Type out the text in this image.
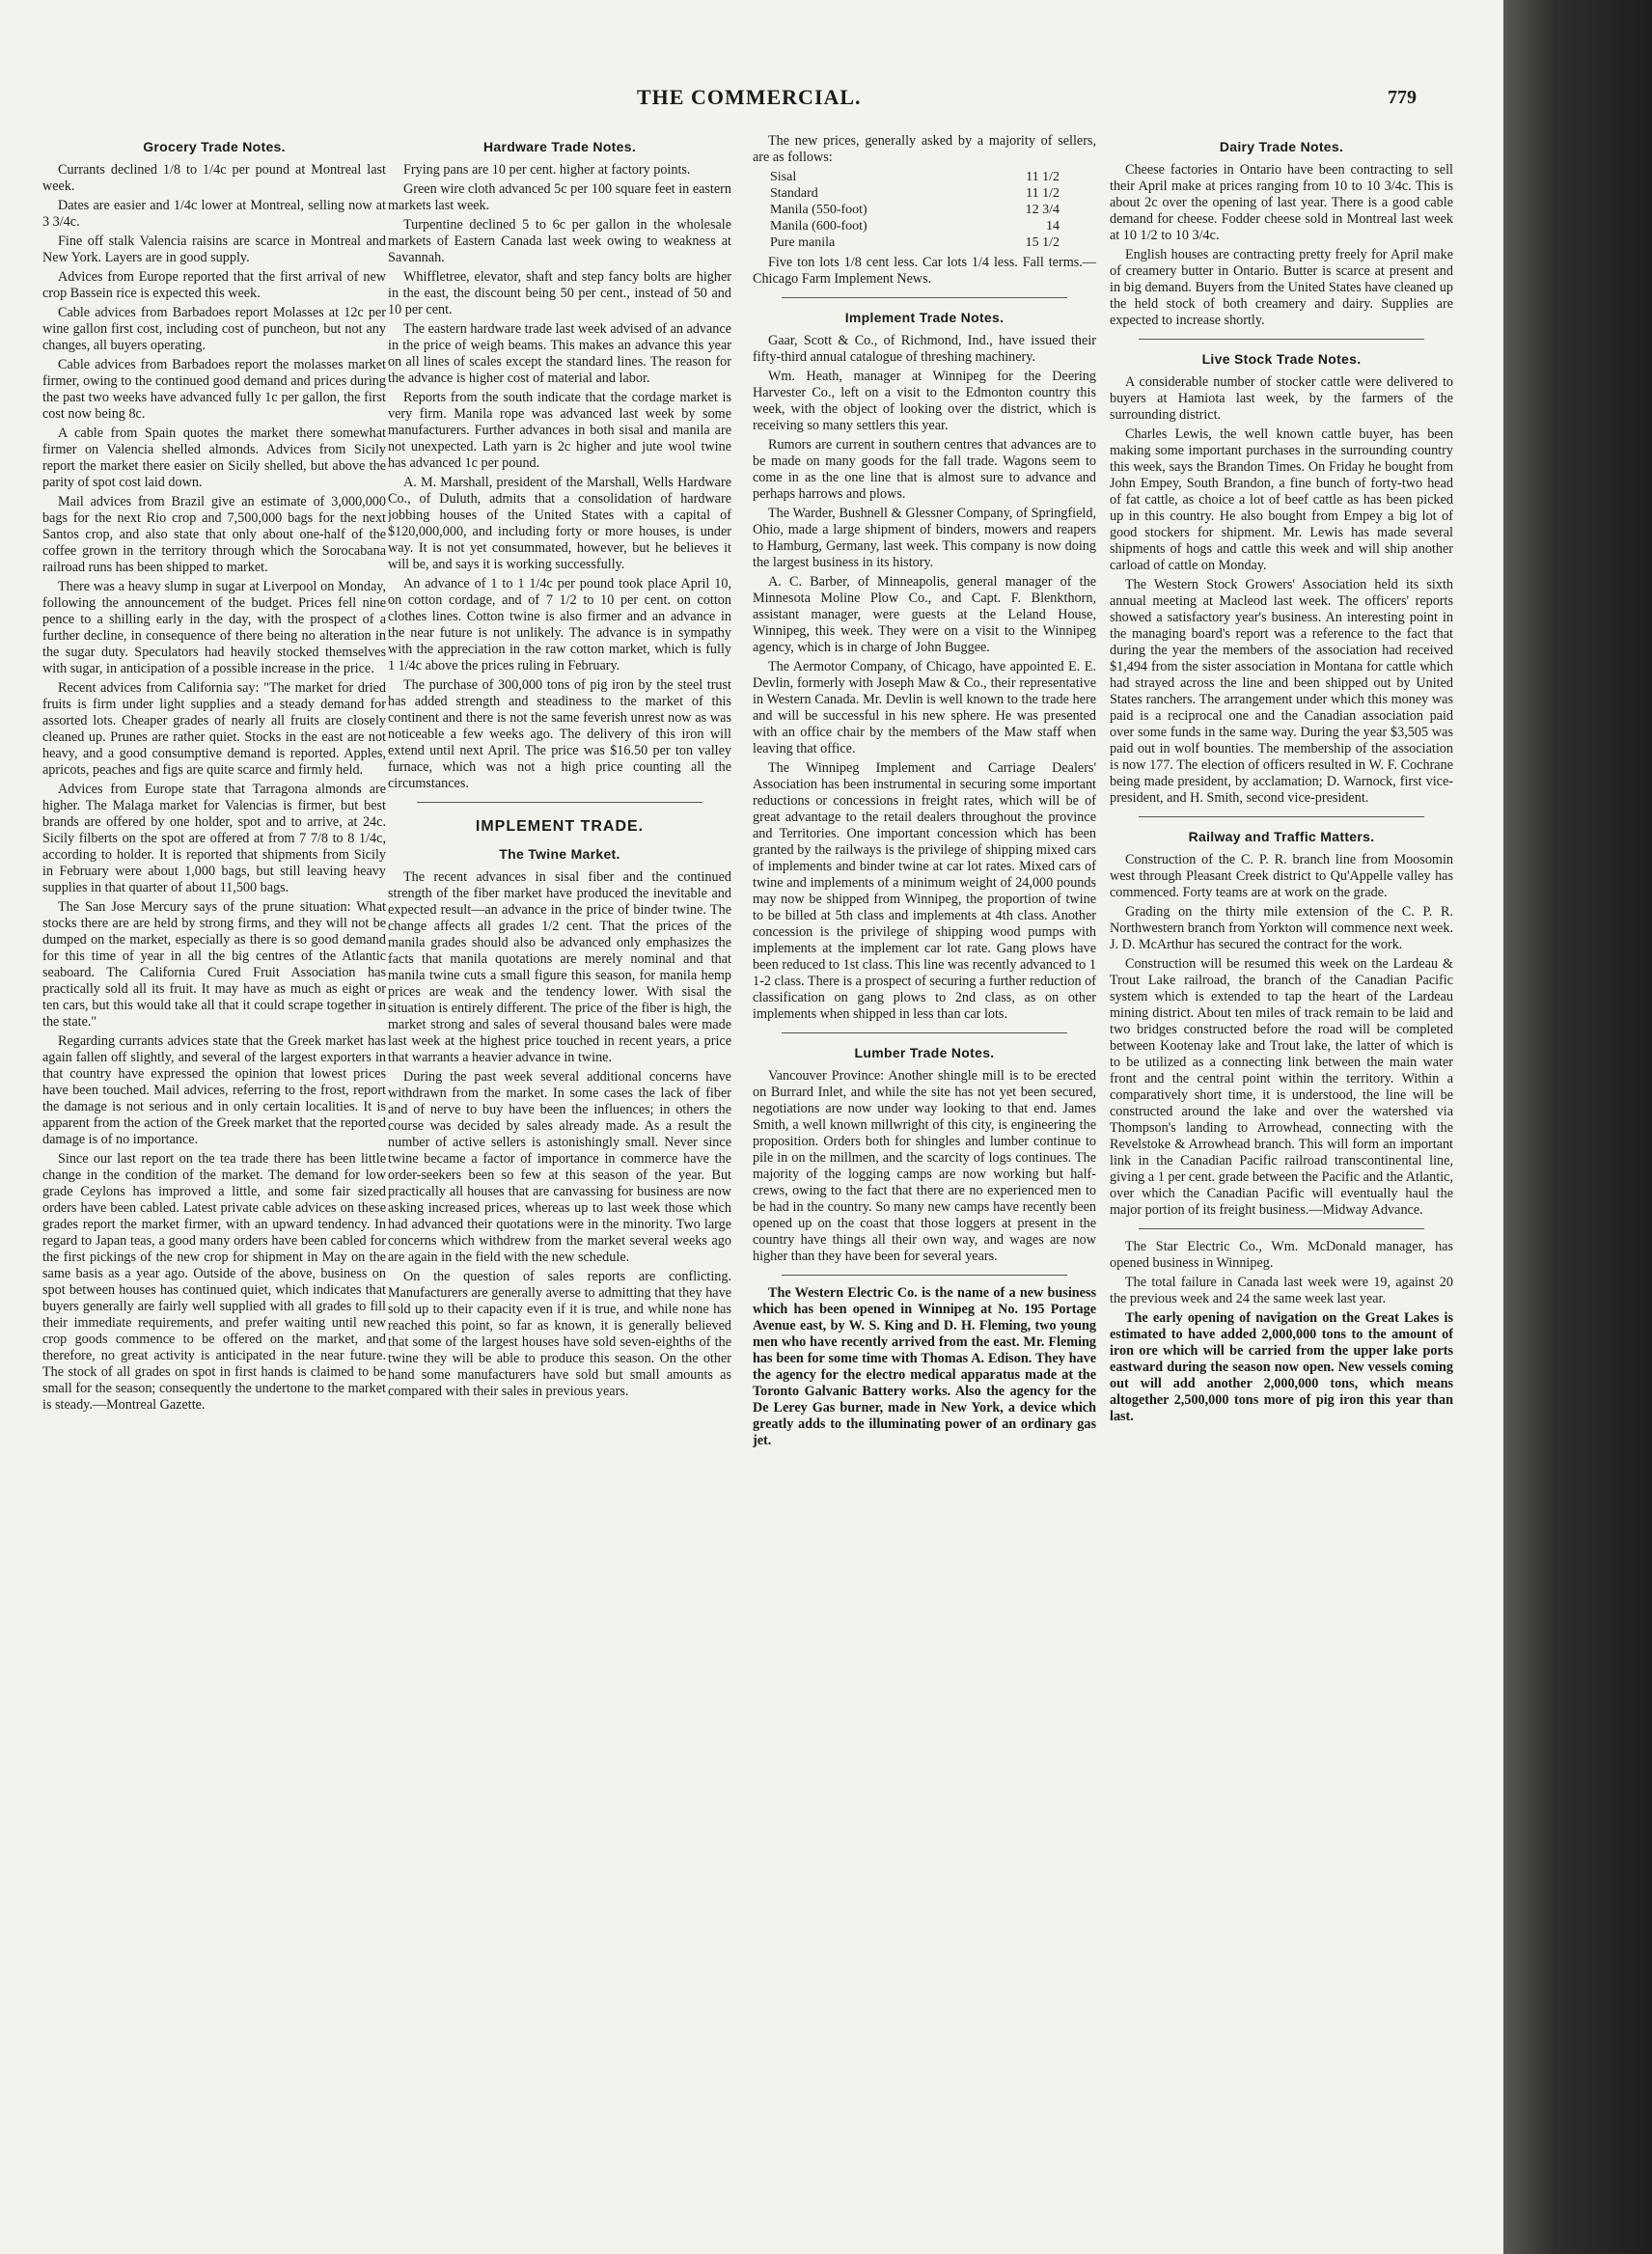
THE COMMERCIAL.	779
Grocery Trade Notes.

Currants declined 1/8 to 1/4c per pound at Montreal last week.

Dates are easier and 1/4c lower at Montreal, selling now at 3 3/4c.

Fine off stalk Valencia raisins are scarce in Montreal and New York. Layers are in good supply.

Advices from Europe reported that the first arrival of new crop Bassein rice is expected this week.

Cable advices from Barbadoes report Molasses at 12c per wine gallon first cost, including cost of puncheon, but not any changes, all buyers operating.

Cable advices from Barbadoes report the molasses market firmer, owing to the continued good demand and prices during the past two weeks have advanced fully 1c per gallon, the first cost now being 8c.

A cable from Spain quotes the market there somewhat firmer on Valencia shelled almonds. Advices from Sicily report the market there easier on Sicily shelled, but above the parity of spot cost laid down.

Mail advices from Brazil give an estimate of 3,000,000 bags for the next Rio crop and 7,500,000 bags for the next Santos crop, and also state that only about one-half of the coffee grown in the territory through which the Sorocabana railroad runs has been shipped to market.

There was a heavy slump in sugar at Liverpool on Monday, following the announcement of the budget. Prices fell nine pence to a shilling early in the day, with the prospect of a further decline, in consequence of there being no alteration in the sugar duty. Speculators had heavily stocked themselves with sugar, in anticipation of a possible increase in the price.

Recent advices from California say: "The market for dried fruits is firm under light supplies and a steady demand for assorted lots. Cheaper grades of nearly all fruits are closely cleaned up. Prunes are rather quiet. Stocks in the east are not heavy, and a good consumptive demand is reported. Apples, apricots, peaches and figs are quite scarce and firmly held.

Advices from Europe state that Tarragona almonds are higher. The Malaga market for Valencias is firmer, but best brands are offered by one holder, spot and to arrive, at 24c. Sicily filberts on the spot are offered at from 7 7/8 to 8 1/4c, according to holder. It is reported that shipments from Sicily in February were about 1,000 bags, but still leaving heavy supplies in that quarter of about 11,500 bags.

The San Jose Mercury says of the prune situation: What stocks there are are held by strong firms, and they will not be dumped on the market, especially as there is so good demand for this time of year in all the big centres of the Atlantic seaboard. The California Cured Fruit Association has practically sold all its fruit. It may have as much as eight or ten cars, but this would take all that it could scrape together in the state."

Regarding currants advices state that the Greek market has again fallen off slightly, and several of the largest exporters in that country have expressed the opinion that lowest prices have been touched. Mail advices, referring to the frost, report the damage is not serious and in only certain localities. It is apparent from the action of the Greek market that the reported damage is of no importance.

Since our last report on the tea trade there has been little change in the condition of the market. The demand for low grade Ceylons has improved a little, and some fair sized orders have been cabled. Latest private cable advices on these grades report the market firmer, with an upward tendency. In regard to Japan teas, a good many orders have been cabled for the first pickings of the new crop for shipment in May on the same basis as a year ago. Outside of the above, business on spot between houses has continued quiet, which indicates that buyers generally are fairly well supplied with all grades to fill their immediate requirements, and prefer waiting until new crop goods commence to be offered on the market, and therefore, no great activity is anticipated in the near future. The stock of all grades on spot in first hands is claimed to be small for the season; consequently the undertone to the market is steady.—Montreal Gazette.

Hardware Trade Notes.

Frying pans are 10 per cent. higher at factory points.

Green wire cloth advanced 5c per 100 square feet in eastern markets last week.

Turpentine declined 5 to 6c per gallon in the wholesale markets of Eastern Canada last week owing to weakness at Savannah.

Whiffletree, elevator, shaft and step fancy bolts are higher in the east, the discount being 50 per cent., instead of 50 and 10 per cent.

The eastern hardware trade last week advised of an advance in the price of weigh beams. This makes an advance this year on all lines of scales except the standard lines. The reason for the advance is higher cost of material and labor.

Reports from the south indicate that the cordage market is very firm. Manila rope was advanced last week by some manufacturers. Further advances in both sisal and manila are not unexpected. Lath yarn is 2c higher and jute wool twine has advanced 1c per pound.

A. M. Marshall, president of the Marshall, Wells Hardware Co., of Duluth, admits that a consolidation of hardware jobbing houses of the United States with a capital of $120,000,000, and including forty or more houses, is under way. It is not yet consummated, however, but he believes it will be, and says it is working successfully.

An advance of 1 to 1 1/4c per pound took place April 10, on cotton cordage, and of 7 1/2 to 10 per cent. on cotton clothes lines. Cotton twine is also firmer and an advance in the near future is not unlikely. The advance is in sympathy with the appreciation in the raw cotton market, which is fully 1 1/4c above the prices ruling in February.

The purchase of 300,000 tons of pig iron by the steel trust has added strength and steadiness to the market of this continent and there is not the same feverish unrest now as was noticeable a few weeks ago. The delivery of this iron will extend until next April. The price was $16.50 per ton valley furnace, which was not a high price counting all the circumstances.

IMPLEMENT TRADE.
The Twine Market.

The recent advances in sisal fiber and the continued strength of the fiber market have produced the inevitable and expected result—an advance in the price of binder twine. The change affects all grades 1/2 cent. That the prices of the manila grades should also be advanced only emphasizes the facts that manila quotations are merely nominal and that manila twine cuts a small figure this season, for manila hemp prices are weak and the tendency lower. With sisal the situation is entirely different. The price of the fiber is high, the market strong and sales of several thousand bales were made last week at the highest price touched in recent years, a price that warrants a heavier advance in twine.

During the past week several additional concerns have withdrawn from the market. In some cases the lack of fiber and of nerve to buy have been the influences; in others the course was decided by sales already made. As a result the number of active sellers is astonishingly small. Never since twine became a factor of importance in commerce have the order-seekers been so few at this season of the year. But practically all houses that are canvassing for business are now asking increased prices, whereas up to last week those which had advanced their quotations were in the minority. Two large concerns which withdrew from the market several weeks ago are again in the field with the new schedule.

On the question of sales reports are conflicting. Manufacturers are generally averse to admitting that they have sold up to their capacity even if it is true, and while none has reached this point, so far as known, it is generally believed that some of the largest houses have sold seven-eighths of the twine they will be able to produce this season. On the other hand some manufacturers have sold but small amounts as compared with their sales in previous years.

The new prices, generally asked by a majority of sellers, are as follows:

Sisal	11 1/2
Standard	11 1/2
Manila (550-foot)	12 3/4
Manila (600-foot)	14
Pure manila	15 1/2

Five ton lots 1/8 cent less. Car lots 1/4 less. Fall terms.—Chicago Farm Implement News.

Implement Trade Notes.

Gaar, Scott & Co., of Richmond, Ind., have issued their fifty-third annual catalogue of threshing machinery.

Wm. Heath, manager at Winnipeg for the Deering Harvester Co., left on a visit to the Edmonton country this week, with the object of looking over the district, which is receiving so many settlers this year.

Rumors are current in southern centres that advances are to be made on many goods for the fall trade. Wagons seem to come in as the one line that is almost sure to advance and perhaps harrows and plows.

The Warder, Bushnell & Glessner Company, of Springfield, Ohio, made a large shipment of binders, mowers and reapers to Hamburg, Germany, last week. This company is now doing the largest business in its history.

A. C. Barber, of Minneapolis, general manager of the Minnesota Moline Plow Co., and Capt. F. Blenkthorn, assistant manager, were guests at the Leland House, Winnipeg, this week. They were on a visit to the Winnipeg agency, which is in charge of John Buggee.

The Aermotor Company, of Chicago, have appointed E. E. Devlin, formerly with Joseph Maw & Co., their representative in Western Canada. Mr. Devlin is well known to the trade here and will be successful in his new sphere. He was presented with an office chair by the members of the Maw staff when leaving that office.

The Winnipeg Implement and Carriage Dealers' Association has been instrumental in securing some important reductions or concessions in freight rates, which will be of great advantage to the retail dealers throughout the province and Territories. One important concession which has been granted by the railways is the privilege of shipping mixed cars of implements and binder twine at car lot rates. Mixed cars of twine and implements of a minimum weight of 24,000 pounds may now be shipped from Winnipeg, the proportion of twine to be billed at 5th class and implements at 4th class. Another concession is the privilege of shipping wood pumps with implements at the implement car lot rate. Gang plows have been reduced to 1st class. This line was recently advanced to 1 1-2 class. There is a prospect of securing a further reduction of classification on gang plows to 2nd class, as on other implements when shipped in less than car lots.

Lumber Trade Notes.

Vancouver Province: Another shingle mill is to be erected on Burrard Inlet, and while the site has not yet been secured, negotiations are now under way looking to that end. James Smith, a well known millwright of this city, is engineering the proposition. Orders both for shingles and lumber continue to pile in on the millmen, and the scarcity of logs continues. The majority of the logging camps are now working but half-crews, owing to the fact that there are no experienced men to be had in the country. So many new camps have recently been opened up on the coast that those loggers at present in the country have things all their own way, and wages are now higher than they have been for several years.

The Western Electric Co. is the name of a new business which has been opened in Winnipeg at No. 195 Portage Avenue east, by W. S. King and D. H. Fleming, two young men who have recently arrived from the east. Mr. Fleming has been for some time with Thomas A. Edison. They have the agency for the electro medical apparatus made at the Toronto Galvanic Battery works. Also the agency for the De Lerey Gas burner, made in New York, a device which greatly adds to the illuminating power of an ordinary gas jet.

Dairy Trade Notes.

Cheese factories in Ontario have been contracting to sell their April make at prices ranging from 10 to 10 3/4c. This is about 2c over the opening of last year. There is a good cable demand for cheese. Fodder cheese sold in Montreal last week at 10 1/2 to 10 3/4c.

English houses are contracting pretty freely for April make of creamery butter in Ontario. Butter is scarce at present and in big demand. Buyers from the United States have cleaned up the held stock of both creamery and dairy. Supplies are expected to increase shortly.

Live Stock Trade Notes.

A considerable number of stocker cattle were delivered to buyers at Hamiota last week, by the farmers of the surrounding district.

Charles Lewis, the well known cattle buyer, has been making some important purchases in the surrounding country this week, says the Brandon Times. On Friday he bought from John Empey, South Brandon, a fine bunch of forty-two head of fat cattle, as choice a lot of beef cattle as has been picked up in this country. He also bought from Empey a big lot of good stockers for shipment. Mr. Lewis has made several shipments of hogs and cattle this week and will ship another carload of cattle on Monday.

The Western Stock Growers' Association held its sixth annual meeting at Macleod last week. The officers' reports showed a satisfactory year's business. An interesting point in the managing board's report was a reference to the fact that during the year the members of the association had received $1,494 from the sister association in Montana for cattle which had strayed across the line and been shipped out by United States ranchers. The arrangement under which this money was paid is a reciprocal one and the Canadian association paid over some funds in the same way. During the year $3,505 was paid out in wolf bounties. The membership of the association is now 177. The election of officers resulted in W. F. Cochrane being made president, by acclamation; D. Warnock, first vice-president, and H. Smith, second vice-president.

Railway and Traffic Matters.

Construction of the C. P. R. branch line from Moosomin west through Pleasant Creek district to Qu'Appelle valley has commenced. Forty teams are at work on the grade.

Grading on the thirty mile extension of the C. P. R. Northwestern branch from Yorkton will commence next week. J. D. McArthur has secured the contract for the work.

Construction will be resumed this week on the Lardeau & Trout Lake railroad, the branch of the Canadian Pacific system which is extended to tap the heart of the Lardeau mining district. About ten miles of track remain to be laid and two bridges constructed before the road will be completed between Kootenay lake and Trout lake, the latter of which is to be utilized as a connecting link between the main water front and the central point within the territory. Within a comparatively short time, it is understood, the line will be constructed around the lake and over the watershed via Thompson's landing to Arrowhead, connecting with the Revelstoke & Arrowhead branch. This will form an important link in the Canadian Pacific railroad transcontinental line, giving a 1 per cent. grade between the Pacific and the Atlantic, over which the Canadian Pacific will eventually haul the major portion of its freight business.—Midway Advance.

The Star Electric Co., Wm. McDonald manager, has opened business in Winnipeg.

The total failure in Canada last week were 19, against 20 the previous week and 24 the same week last year.

The early opening of navigation on the Great Lakes is estimated to have added 2,000,000 tons to the amount of iron ore which will be carried from the upper lake ports eastward during the season now open. New vessels coming out will add another 2,000,000 tons, which means altogether 2,500,000 tons more of pig iron this year than last.
